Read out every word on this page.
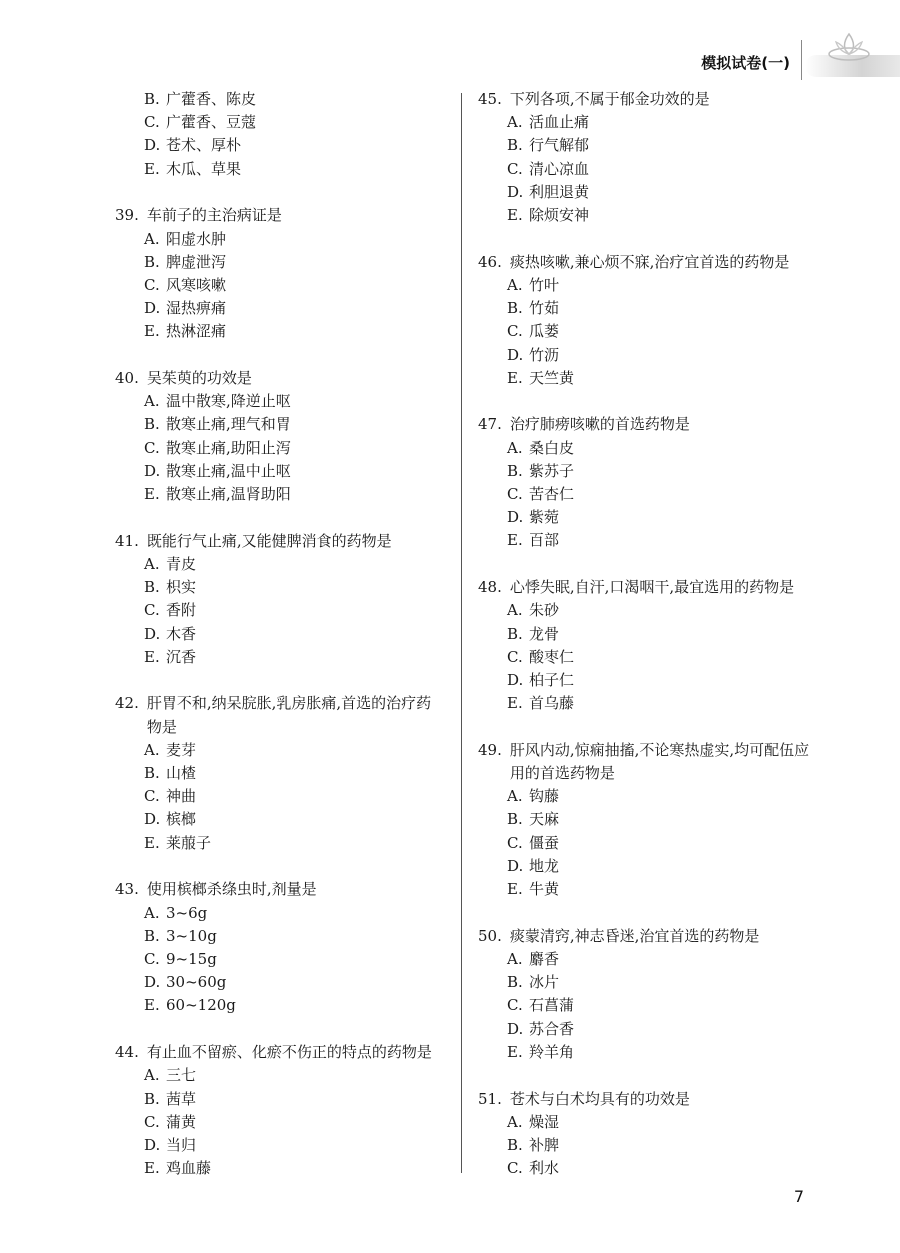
模拟试卷(一)
B. 广藿香、陈皮
C. 广藿香、豆蔻
D. 苍术、厚朴
E. 木瓜、草果
39. 车前子的主治病证是
A. 阳虚水肿
B. 脾虚泄泻
C. 风寒咳嗽
D. 湿热痹痛
E. 热淋涩痛
40. 吴茱萸的功效是
A. 温中散寒,降逆止呕
B. 散寒止痛,理气和胃
C. 散寒止痛,助阳止泻
D. 散寒止痛,温中止呕
E. 散寒止痛,温肾助阳
41. 既能行气止痛,又能健脾消食的药物是
A. 青皮
B. 枳实
C. 香附
D. 木香
E. 沉香
42. 肝胃不和,纳呆脘胀,乳房胀痛,首选的治疗药物是
A. 麦芽
B. 山楂
C. 神曲
D. 槟榔
E. 莱菔子
43. 使用槟榔杀绦虫时,剂量是
A. 3~6g
B. 3~10g
C. 9~15g
D. 30~60g
E. 60~120g
44. 有止血不留瘀、化瘀不伤正的特点的药物是
A. 三七
B. 茜草
C. 蒲黄
D. 当归
E. 鸡血藤
45. 下列各项,不属于郁金功效的是
A. 活血止痛
B. 行气解郁
C. 清心凉血
D. 利胆退黄
E. 除烦安神
46. 痰热咳嗽,兼心烦不寐,治疗宜首选的药物是
A. 竹叶
B. 竹茹
C. 瓜蒌
D. 竹沥
E. 天竺黄
47. 治疗肺痨咳嗽的首选药物是
A. 桑白皮
B. 紫苏子
C. 苦杏仁
D. 紫菀
E. 百部
48. 心悸失眠,自汗,口渴咽干,最宜选用的药物是
A. 朱砂
B. 龙骨
C. 酸枣仁
D. 柏子仁
E. 首乌藤
49. 肝风内动,惊痫抽搐,不论寒热虚实,均可配伍应用的首选药物是
A. 钩藤
B. 天麻
C. 僵蚕
D. 地龙
E. 牛黄
50. 痰蒙清窍,神志昏迷,治宜首选的药物是
A. 麝香
B. 冰片
C. 石菖蒲
D. 苏合香
E. 羚羊角
51. 苍术与白术均具有的功效是
A. 燥湿
B. 补脾
C. 利水
7
